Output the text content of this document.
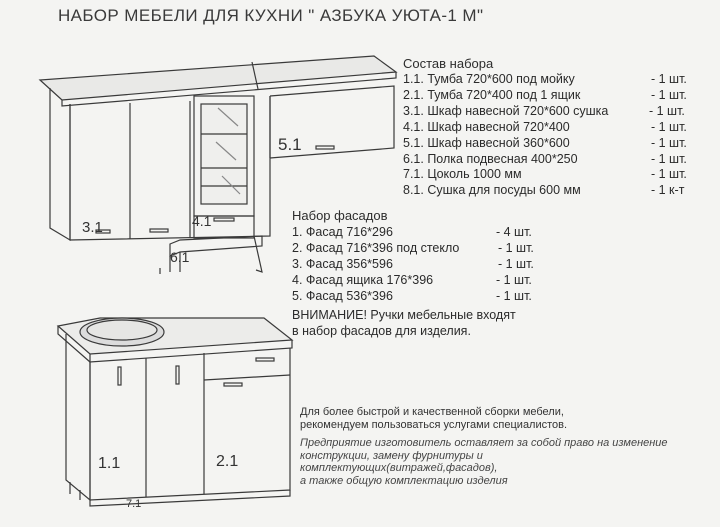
НАБОР МЕБЕЛИ ДЛЯ КУХНИ " АЗБУКА УЮТА-1 М"
3.1	4.1
5.1
6.1
1.1	2.1
7.1
Состав набора
1.1. Тумба 720*600 под мойку	- 1 шт.
2.1. Тумба 720*400 под 1 ящик	- 1 шт.
3.1. Шкаф навесной 720*600 сушка	- 1 шт.
4.1. Шкаф навесной 720*400	- 1 шт.
5.1. Шкаф навесной 360*600	- 1 шт.
6.1. Полка подвесная 400*250	- 1 шт.
7.1. Цоколь 1000 мм	- 1 шт.
8.1. Сушка для посуды 600 мм	- 1 к-т
Набор фасадов
1. Фасад 716*296	- 4 шт.
2. Фасад 716*396 под стекло	- 1 шт.
3. Фасад 356*596	- 1 шт.
4. Фасад ящика 176*396	- 1 шт.
5. Фасад 536*396	- 1 шт.
ВНИМАНИЕ! Ручки мебельные входят
в набор фасадов для изделия.
Для более быстрой и качественной сборки мебели,
рекомендуем пользоваться услугами специалистов.
Предприятие изготовитель оставляет за собой право на изменение
конструкции, замену фурнитуры и
комплектующих(витражей,фасадов),
а также общую комплектацию изделия
